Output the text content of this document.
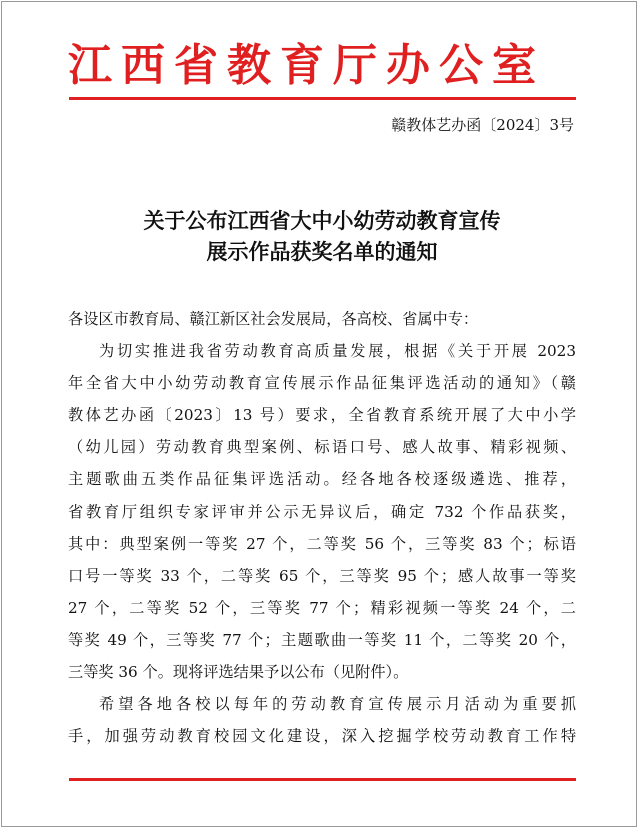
江西省教育厅办公室
赣教体艺办函〔2024〕3号
关于公布江西省大中小幼劳动教育宣传
展示作品获奖名单的通知
各设区市教育局、赣江新区社会发展局，各高校、省属中专：
为切实推进我省劳动教育高质量发展，根据《关于开展 2023
年全省大中小幼劳动教育宣传展示作品征集评选活动的通知》（赣
教体艺办函〔2023〕13 号）要求，全省教育系统开展了大中小学
（幼儿园）劳动教育典型案例、标语口号、感人故事、精彩视频、
主题歌曲五类作品征集评选活动。经各地各校逐级遴选、推荐，
省教育厅组织专家评审并公示无异议后，确定 732 个作品获奖，
其中：典型案例一等奖 27 个，二等奖 56 个，三等奖 83 个；标语
口号一等奖 33 个，二等奖 65 个，三等奖 95 个；感人故事一等奖
27 个，二等奖 52 个，三等奖 77 个；精彩视频一等奖 24 个，二
等奖 49 个，三等奖 77 个；主题歌曲一等奖 11 个，二等奖 20 个，
三等奖 36 个。现将评选结果予以公布（见附件）。
希望各地各校以每年的劳动教育宣传展示月活动为重要抓
手，加强劳动教育校园文化建设，深入挖掘学校劳动教育工作特
